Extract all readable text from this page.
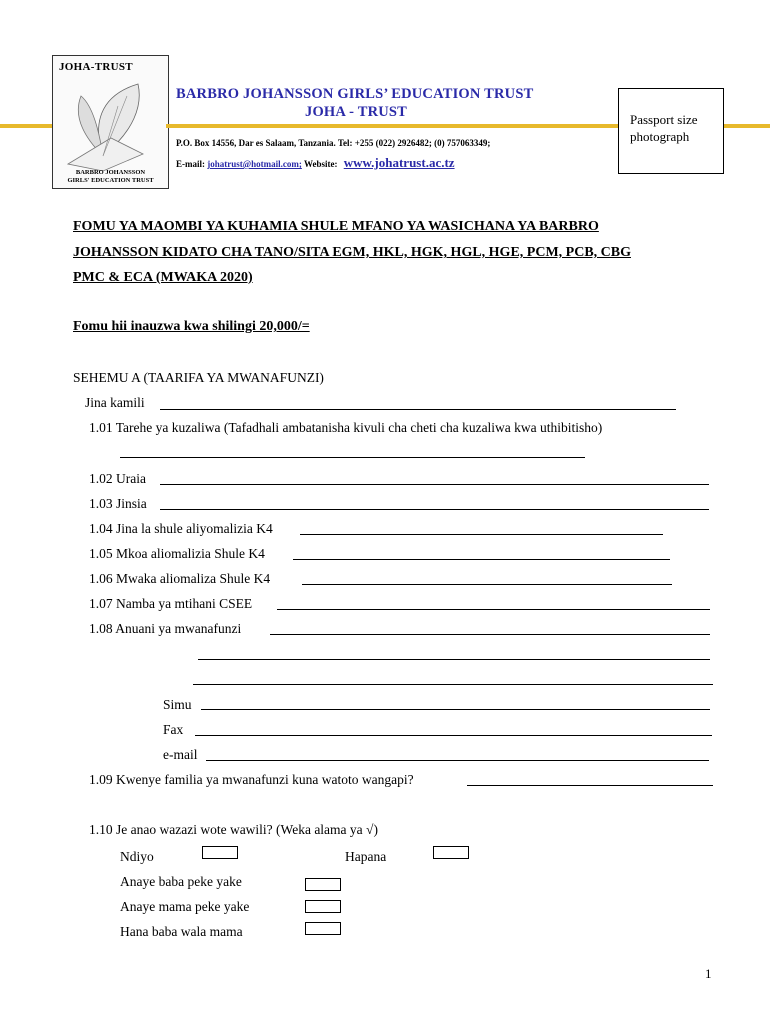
JOHA-TRUST
BARBRO JOHANSSON
GIRLS' EDUCATION TRUST
BARBRO JOHANSSON GIRLS’ EDUCATION TRUST
JOHA - TRUST
P.O. Box 14556, Dar es Salaam, Tanzania. Tel: +255 (022) 2926482; (0) 757063349;
E-mail: johatrust@hotmail.com; Website: www.johatrust.ac.tz
Passport size
photograph
FOMU YA MAOMBI YA KUHAMIA SHULE MFANO YA WASICHANA YA BARBRO
JOHANSSON KIDATO CHA TANO/SITA EGM, HKL, HGK, HGL, HGE, PCM, PCB, CBG
PMC & ECA (MWAKA 2020)
Fomu hii inauzwa kwa shilingi 20,000/=
SEHEMU A (TAARIFA YA MWANAFUNZI)
Jina kamili
1.01 Tarehe ya kuzaliwa (Tafadhali ambatanisha kivuli cha cheti cha kuzaliwa kwa uthibitisho)
1.02 Uraia
1.03 Jinsia
1.04 Jina la shule aliyomalizia K4
1.05 Mkoa aliomalizia Shule K4
1.06 Mwaka aliomaliza Shule K4
1.07 Namba ya mtihani CSEE
1.08 Anuani ya mwanafunzi
Simu
Fax
e-mail
1.09 Kwenye familia ya mwanafunzi kuna watoto wangapi?
1.10 Je anao wazazi wote wawili? (Weka alama ya √)
Ndiyo	Hapana
Anaye baba peke yake
Anaye mama peke yake
Hana baba wala mama
1
